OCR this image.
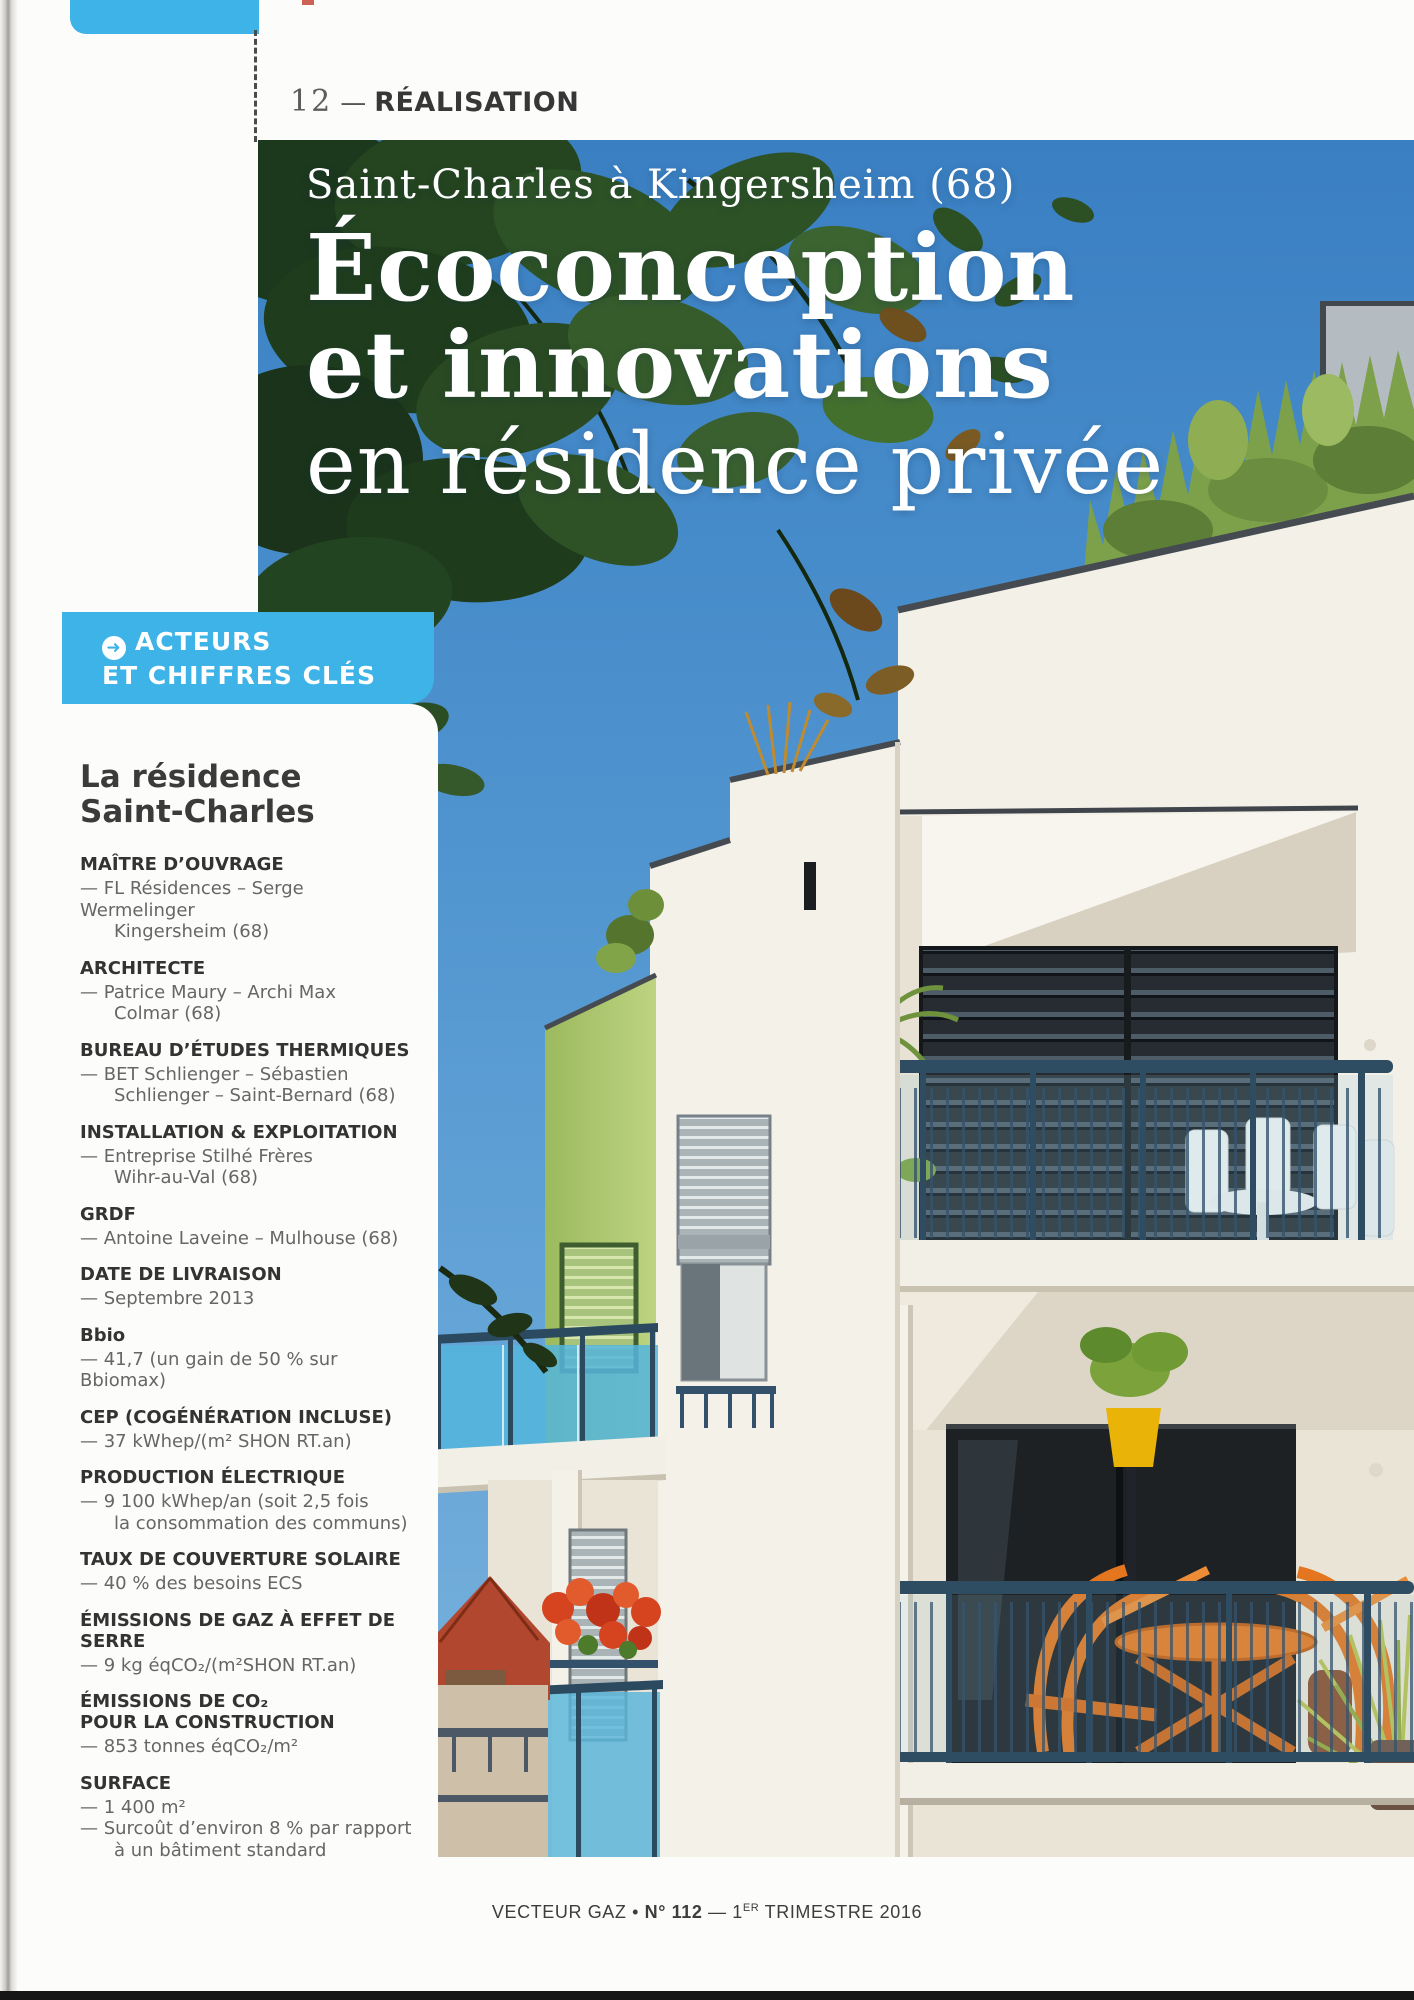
12 — RÉALISATION
Saint-Charles à Kingersheim (68)
Écoconception
et innovations
en résidence privée
➜ ACTEURS
ET CHIFFRES CLÉS
La résidence
Saint-Charles
MAÎTRE D’OUVRAGE
— FL Résidences – Serge Wermelinger
Kingersheim (68)
ARCHITECTE
— Patrice Maury – Archi Max
Colmar (68)
BUREAU D’ÉTUDES THERMIQUES
— BET Schlienger – Sébastien
Schlienger – Saint-Bernard (68)
INSTALLATION & EXPLOITATION
— Entreprise Stilhé Frères
Wihr-au-Val (68)
GRDF
— Antoine Laveine – Mulhouse (68)
DATE DE LIVRAISON
— Septembre 2013
Bbio
— 41,7 (un gain de 50 % sur Bbiomax)
CEP (COGÉNÉRATION INCLUSE)
— 37 kWhep/(m² SHON RT.an)
PRODUCTION ÉLECTRIQUE
— 9 100 kWhep/an (soit 2,5 fois
la consommation des communs)
TAUX DE COUVERTURE SOLAIRE
— 40 % des besoins ECS
ÉMISSIONS DE GAZ À EFFET DE SERRE
— 9 kg éqCO₂/(m²SHON RT.an)
ÉMISSIONS DE CO₂
POUR LA CONSTRUCTION
— 853 tonnes éqCO₂/m²
SURFACE
— 1 400 m²
— Surcoût d’environ 8 % par rapport
à un bâtiment standard
VECTEUR GAZ • N° 112 — 1ER TRIMESTRE 2016
